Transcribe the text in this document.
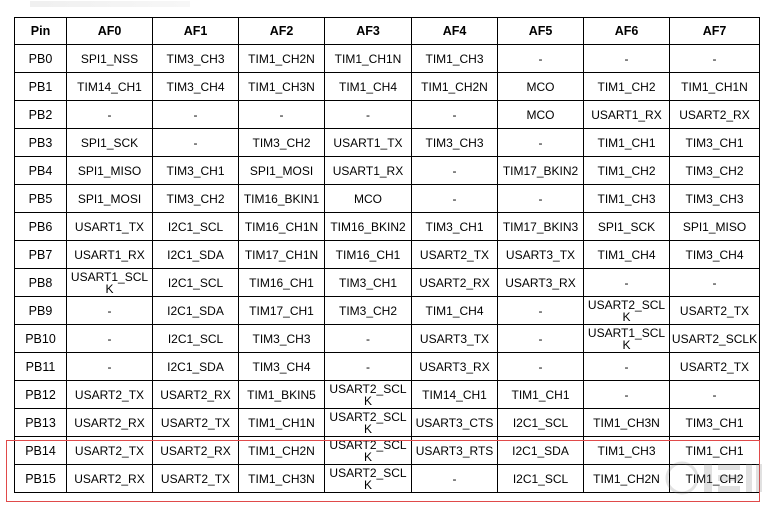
Pin	AF0	AF1	AF2	AF3	AF4	AF5	AF6	AF7
PB0	SPI1_NSS	TIM3_CH3	TIM1_CH2N	TIM1_CH1N	TIM1_CH3	-	-	-
PB1	TIM14_CH1	TIM3_CH4	TIM1_CH3N	TIM1_CH4	TIM1_CH2N	MCO	TIM1_CH2	TIM1_CH1N
PB2	-	-	-	-	-	MCO	USART1_RX	USART2_RX
PB3	SPI1_SCK	-	TIM3_CH2	USART1_TX	TIM3_CH3	-	TIM1_CH1	TIM3_CH1
PB4	SPI1_MISO	TIM3_CH1	SPI1_MOSI	USART1_RX	-	TIM17_BKIN2	TIM1_CH2	TIM3_CH2
PB5	SPI1_MOSI	TIM3_CH2	TIM16_BKIN1	MCO	-	-	TIM1_CH3	TIM3_CH3
PB6	USART1_TX	I2C1_SCL	TIM16_CH1N	TIM16_BKIN2	TIM3_CH1	TIM17_BKIN3	SPI1_SCK	SPI1_MISO
PB7	USART1_RX	I2C1_SDA	TIM17_CH1N	TIM16_CH1	USART2_TX	USART3_TX	TIM1_CH4	TIM3_CH4
PB8	USART1_SCLK	I2C1_SCL	TIM16_CH1	TIM3_CH1	USART2_RX	USART3_RX	-	-
PB9	-	I2C1_SDA	TIM17_CH1	TIM3_CH2	TIM1_CH4	-	USART2_SCLK	USART2_TX
PB10	-	I2C1_SCL	TIM3_CH3	-	USART3_TX	-	USART1_SCLK	USART2_SCLK
PB11	-	I2C1_SDA	TIM3_CH4	-	USART3_RX	-	-	USART2_TX
PB12	USART2_TX	USART2_RX	TIM1_BKIN5	USART2_SCLK	TIM14_CH1	TIM1_CH1	-	-
PB13	USART2_RX	USART2_TX	TIM1_CH1N	USART2_SCLK	USART3_CTS	I2C1_SCL	TIM1_CH3N	TIM3_CH1
PB14	USART2_TX	USART2_RX	TIM1_CH2N	USART2_SCLK	USART3_RTS	I2C1_SDA	TIM1_CH3	TIM1_CH1
PB15	USART2_RX	USART2_TX	TIM1_CH3N	USART2_SCLK	-	I2C1_SCL	TIM1_CH2N	TIM1_CH2
